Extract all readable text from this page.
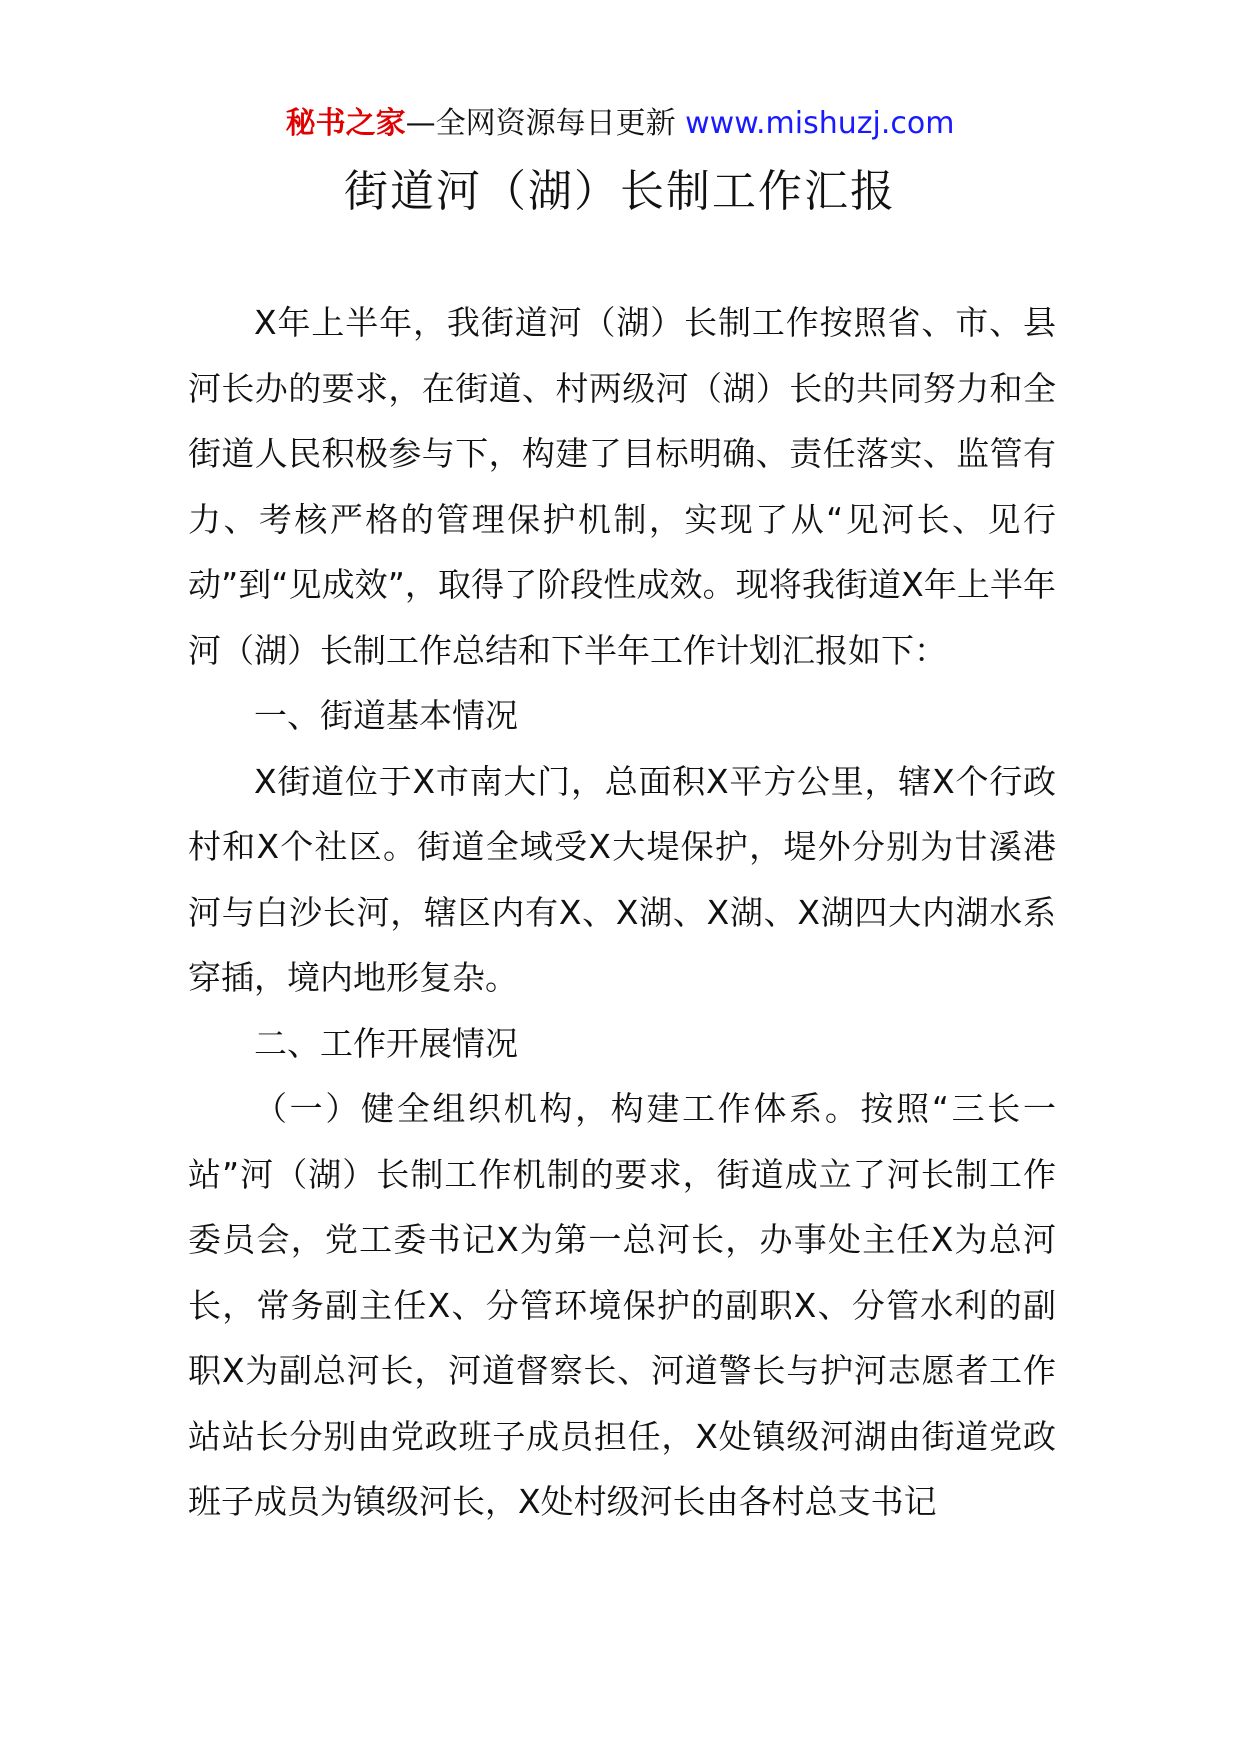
秘书之家—全网资源每日更新 www.mishuzj.com
街道河（湖）长制工作汇报

X年上半年，我街道河（湖）长制工作按照省、市、县河长办的要求，在街道、村两级河（湖）长的共同努力和全街道人民积极参与下，构建了目标明确、责任落实、监管有力、考核严格的管理保护机制，实现了从“见河长、见行动”到“见成效”，取得了阶段性成效。现将我街道X年上半年河（湖）长制工作总结和下半年工作计划汇报如下：

一、街道基本情况

X街道位于X市南大门，总面积X平方公里，辖X个行政村和X个社区。街道全域受X大堤保护，堤外分别为甘溪港河与白沙长河，辖区内有X、X湖、X湖、X湖四大内湖水系穿插，境内地形复杂。

二、工作开展情况

（一）健全组织机构，构建工作体系。按照“三长一站”河（湖）长制工作机制的要求，街道成立了河长制工作委员会，党工委书记X为第一总河长，办事处主任X为总河长，常务副主任X、分管环境保护的副职X、分管水利的副职X为副总河长，河道督察长、河道警长与护河志愿者工作站站长分别由党政班子成员担任，X处镇级河湖由街道党政班子成员为镇级河长，X处村级河长由各村总支书记
